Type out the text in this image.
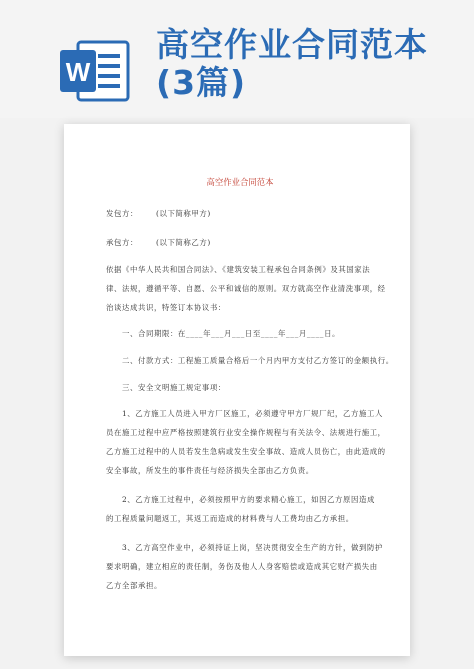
W
高空作业合同范本(3篇)
高空作业合同范本
发包方： (以下简称甲方)
承包方： (以下简称乙方)
依据《中华人民共和国合同法》、《建筑安装工程承包合同条例》及其国家法
律、法规，遵循平等、自愿、公平和诚信的原则。双方就高空作业清洗事项，经
治谈达成共识，特签订本协议书：
一、合同期限：在____年___月___日至____年___月____日。
二、付款方式：工程施工质量合格后一个月内甲方支付乙方签订的金额执行。
三、安全文明施工规定事项：
1、乙方施工人员进入甲方厂区施工，必须遵守甲方厂规厂纪，乙方施工人
员在施工过程中应严格按照建筑行业安全操作规程与有关法令、法规进行施工，
乙方施工过程中的人员若发生急病或发生安全事故、造成人员伤亡，由此造成的
安全事故，所发生的事件责任与经济损失全部由乙方负责。
2、乙方施工过程中，必须按照甲方的要求精心施工，如因乙方原因造成
的工程质量问题返工，其返工而造成的材料费与人工费均由乙方承担。
3、乙方高空作业中，必须持证上岗，坚决贯彻安全生产的方针，做到防护
要求明确，建立相应的责任制，务伤及他人人身客赔偿或造成其它财产损失由
乙方全部承担。
